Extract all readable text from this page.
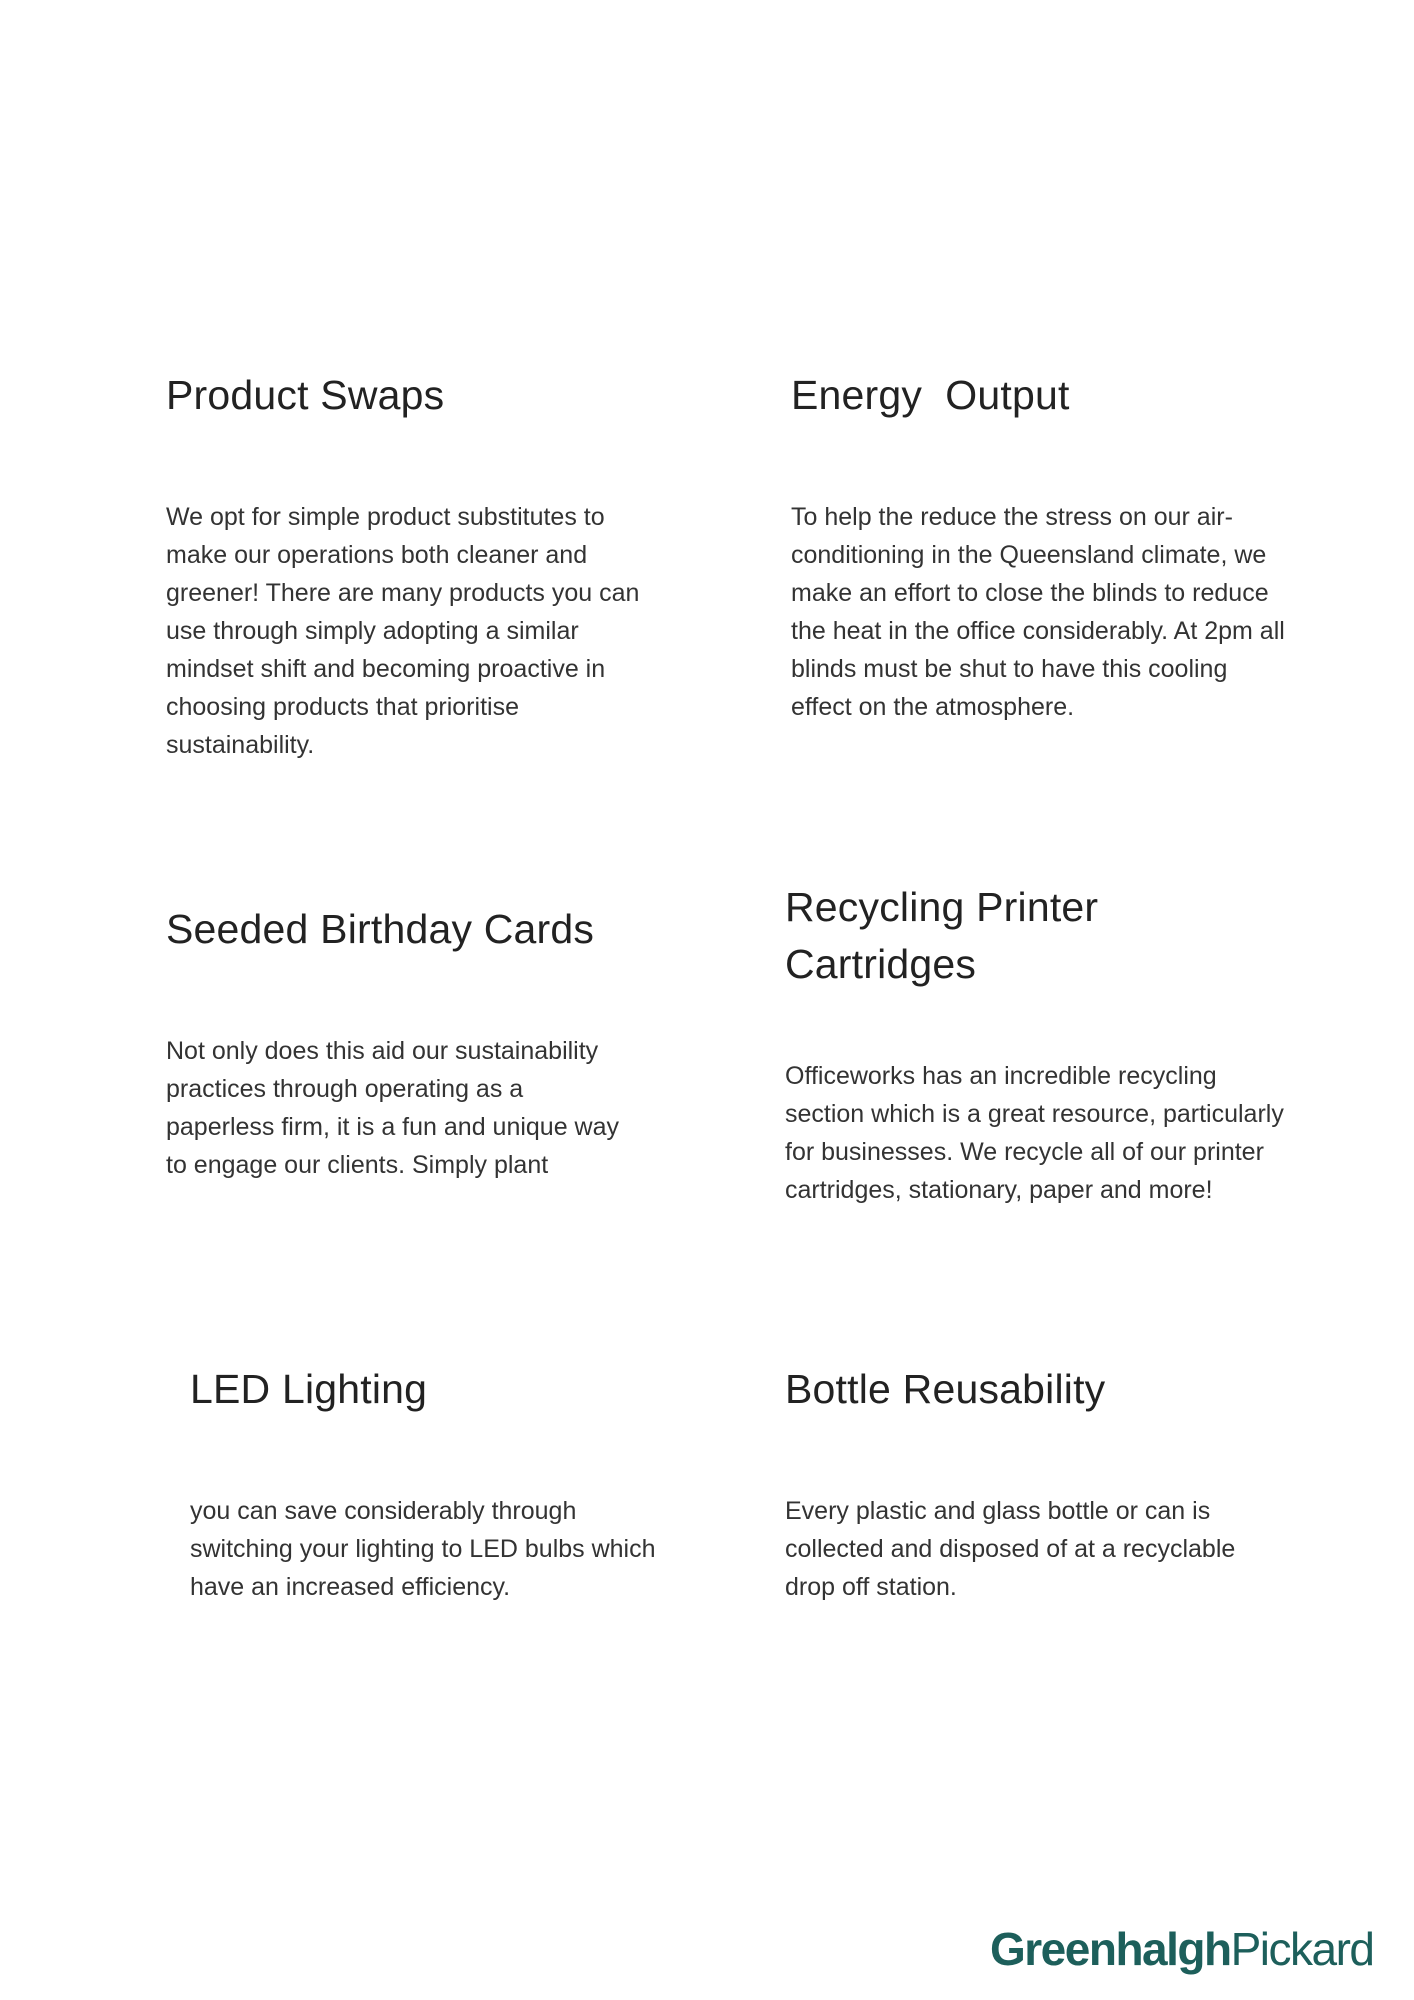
Product Swaps

We opt for simple product substitutes to make our operations both cleaner and greener! There are many products you can use through simply adopting a similar mindset shift and becoming proactive in choosing products that prioritise sustainability.

Energy  Output

To help the reduce the stress on our air-conditioning in the Queensland climate, we make an effort to close the blinds to reduce the heat in the office considerably. At 2pm all blinds must be shut to have this cooling effect on the atmosphere.

Seeded Birthday Cards

Not only does this aid our sustainability practices through operating as a paperless firm, it is a fun and unique way to engage our clients. Simply plant

Recycling Printer Cartridges

Officeworks has an incredible recycling section which is a great resource, particularly for businesses. We recycle all of our printer cartridges, stationary, paper and more!

LED Lighting

you can save considerably through switching your lighting to LED bulbs which have an increased efficiency.

Bottle Reusability

Every plastic and glass bottle or can is collected and disposed of at a recyclable drop off station.

GreenhalghPickard
